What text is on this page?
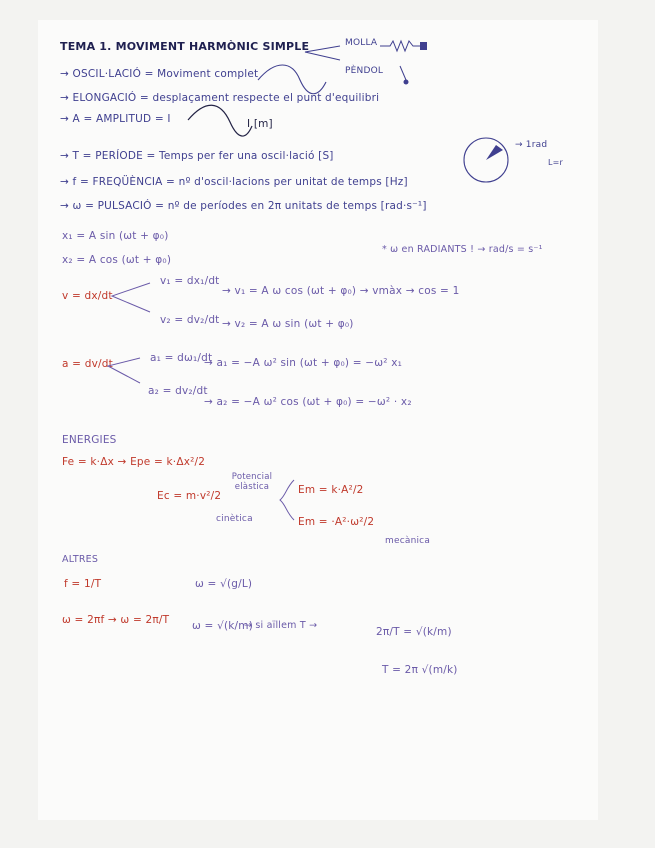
TEMA 1. MOVIMENT HARMÒNIC SIMPLE	MOLLA
PÈNDOL
→ OSCIL·LACIÓ = Moviment complet
→ ELONGACIÓ = desplaçament respecte el punt d'equilibri
→ A = AMPLITUD = I	I [m]
→ T = PERÍODE = Temps per fer una oscil·lació [S]
→ f = FREQÜÈNCIA = nº d'oscil·lacions per unitat de temps [Hz]
→ ω = PULSACIÓ = nº de períodes en 2π unitats de temps [rad·s⁻¹]
→ 1rad
L=r
x₁ = A sin (ωt + φ₀)
x₂ = A cos (ωt + φ₀)
* ω en RADIANTS ! → rad/s = s⁻¹
v = dx/dt
v₁ = dx₁/dt
→ v₁ = A ω cos (ωt + φ₀) → vmàx → cos = 1
v₂ = dv₂/dt → v₂ = A ω sin (ωt + φ₀)
a = dv/dt	a₁ = dω₁/dt
→ a₁ = −A ω² sin (ωt + φ₀) = −ω² x₁
a₂ = dv₂/dt
→ a₂ = −A ω² cos (ωt + φ₀) = −ω² · x₂
ENERGIES
Fe = k·Δx → Epe = k·Δx²/2
Potencial elàstica
Ec = m·v²/2
cinètica
Em = k·A²/2
Em = ·A²·ω²/2
mecànica
ALTRES
f = 1/T	ω = √(g/L)
ω = 2πf → ω = 2π/T ω = √(k/m)
→ si aïllem T →
2π/T = √(k/m)
T = 2π √(m/k)
